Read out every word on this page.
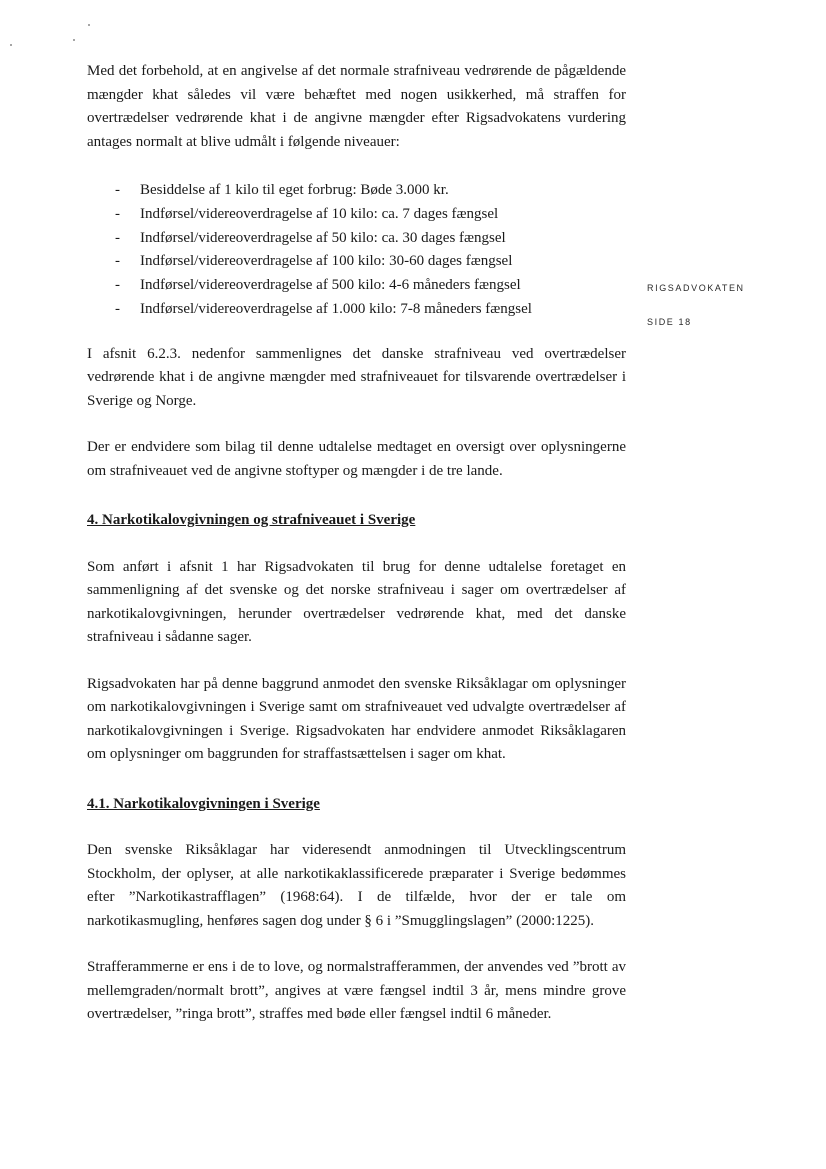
Med det forbehold, at en angivelse af det normale strafniveau vedrørende de pågældende mængder khat således vil være behæftet med nogen usikkerhed, må straffen for overtrædelser vedrørende khat i de angivne mængder efter Rigsadvokatens vurdering antages normalt at blive udmålt i følgende niveauer:

- Besiddelse af 1 kilo til eget forbrug: Bøde 3.000 kr.
- Indførsel/videreoverdragelse af 10 kilo: ca. 7 dages fængsel
- Indførsel/videreoverdragelse af 50 kilo: ca. 30 dages fængsel
- Indførsel/videreoverdragelse af 100 kilo: 30-60 dages fængsel
- Indførsel/videreoverdragelse af 500 kilo: 4-6 måneders fængsel
- Indførsel/videreoverdragelse af 1.000 kilo: 7-8 måneders fængsel

I afsnit 6.2.3. nedenfor sammenlignes det danske strafniveau ved overtrædelser vedrørende khat i de angivne mængder med strafniveauet for tilsvarende overtrædelser i Sverige og Norge.

Der er endvidere som bilag til denne udtalelse medtaget en oversigt over oplysningerne om strafniveauet ved de angivne stoftyper og mængder i de tre lande.

4. Narkotikalovgivningen og strafniveauet i Sverige

Som anført i afsnit 1 har Rigsadvokaten til brug for denne udtalelse foretaget en sammenligning af det svenske og det norske strafniveau i sager om overtrædelser af narkotikalovgivningen, herunder overtrædelser vedrørende khat, med det danske strafniveau i sådanne sager.

Rigsadvokaten har på denne baggrund anmodet den svenske Riksåklagar om oplysninger om narkotikalovgivningen i Sverige samt om strafniveauet ved udvalgte overtrædelser af narkotikalovgivningen i Sverige. Rigsadvokaten har endvidere anmodet Riksåklagaren om oplysninger om baggrunden for straffastsættelsen i sager om khat.

4.1. Narkotikalovgivningen i Sverige

Den svenske Riksåklagar har videresendt anmodningen til Utvecklingscentrum Stockholm, der oplyser, at alle narkotikaklassificerede præparater i Sverige bedømmes efter ”Narkotikastrafflagen” (1968:64). I de tilfælde, hvor der er tale om narkotikasmugling, henføres sagen dog under § 6 i ”Smugglingslagen” (2000:1225).

Strafferammerne er ens i de to love, og normalstrafferammen, der anvendes ved ”brott av mellemgraden/normalt brott”, angives at være fængsel indtil 3 år, mens mindre grove overtrædelser, ”ringa brott”, straffes med bøde eller fængsel indtil 6 måneder.

RIGSADVOKATEN
SIDE 18
